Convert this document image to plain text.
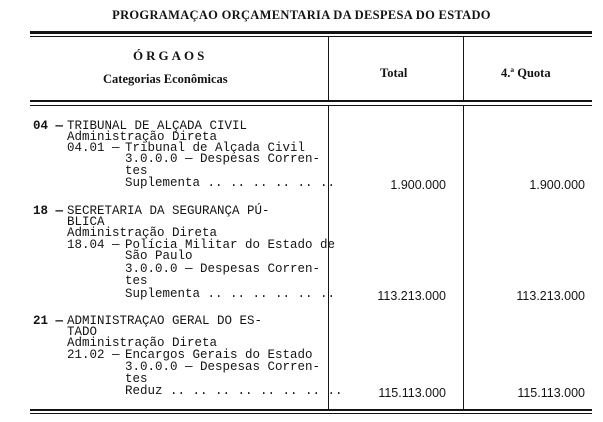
PROGRAMAÇAO ORÇAMENTARIA DA DESPESA DO ESTADO
ÓRGAOS
Categorias Econômicas	Total	4.ª Quota
04 — TRIBUNAL DE ALÇADA CIVIL
Administração Direta
04.01 — Tribunal de Alçada Civil
3.0.0.0 — Despesas Corren-
tes
Suplementa .. .. .. .. .. ..	1.900.000	1.900.000
18 — SECRETARIA DA SEGURANÇA PÚ-
BLICA
Administração Direta
18.04 — Polícia Militar do Estado de
São Paulo
3.0.0.0 — Despesas Corren-
tes
Suplementa .. .. .. .. .. ..	113.213.000	113.213.000
21 — ADMINISTRAÇAO GERAL DO ES-
TADO
Administração Direta
21.02 — Encargos Gerais do Estado
3.0.0.0 — Despesas Corren-
tes
Reduz .. .. .. .. .. .. .. ..	115.113.000	115.113.000
